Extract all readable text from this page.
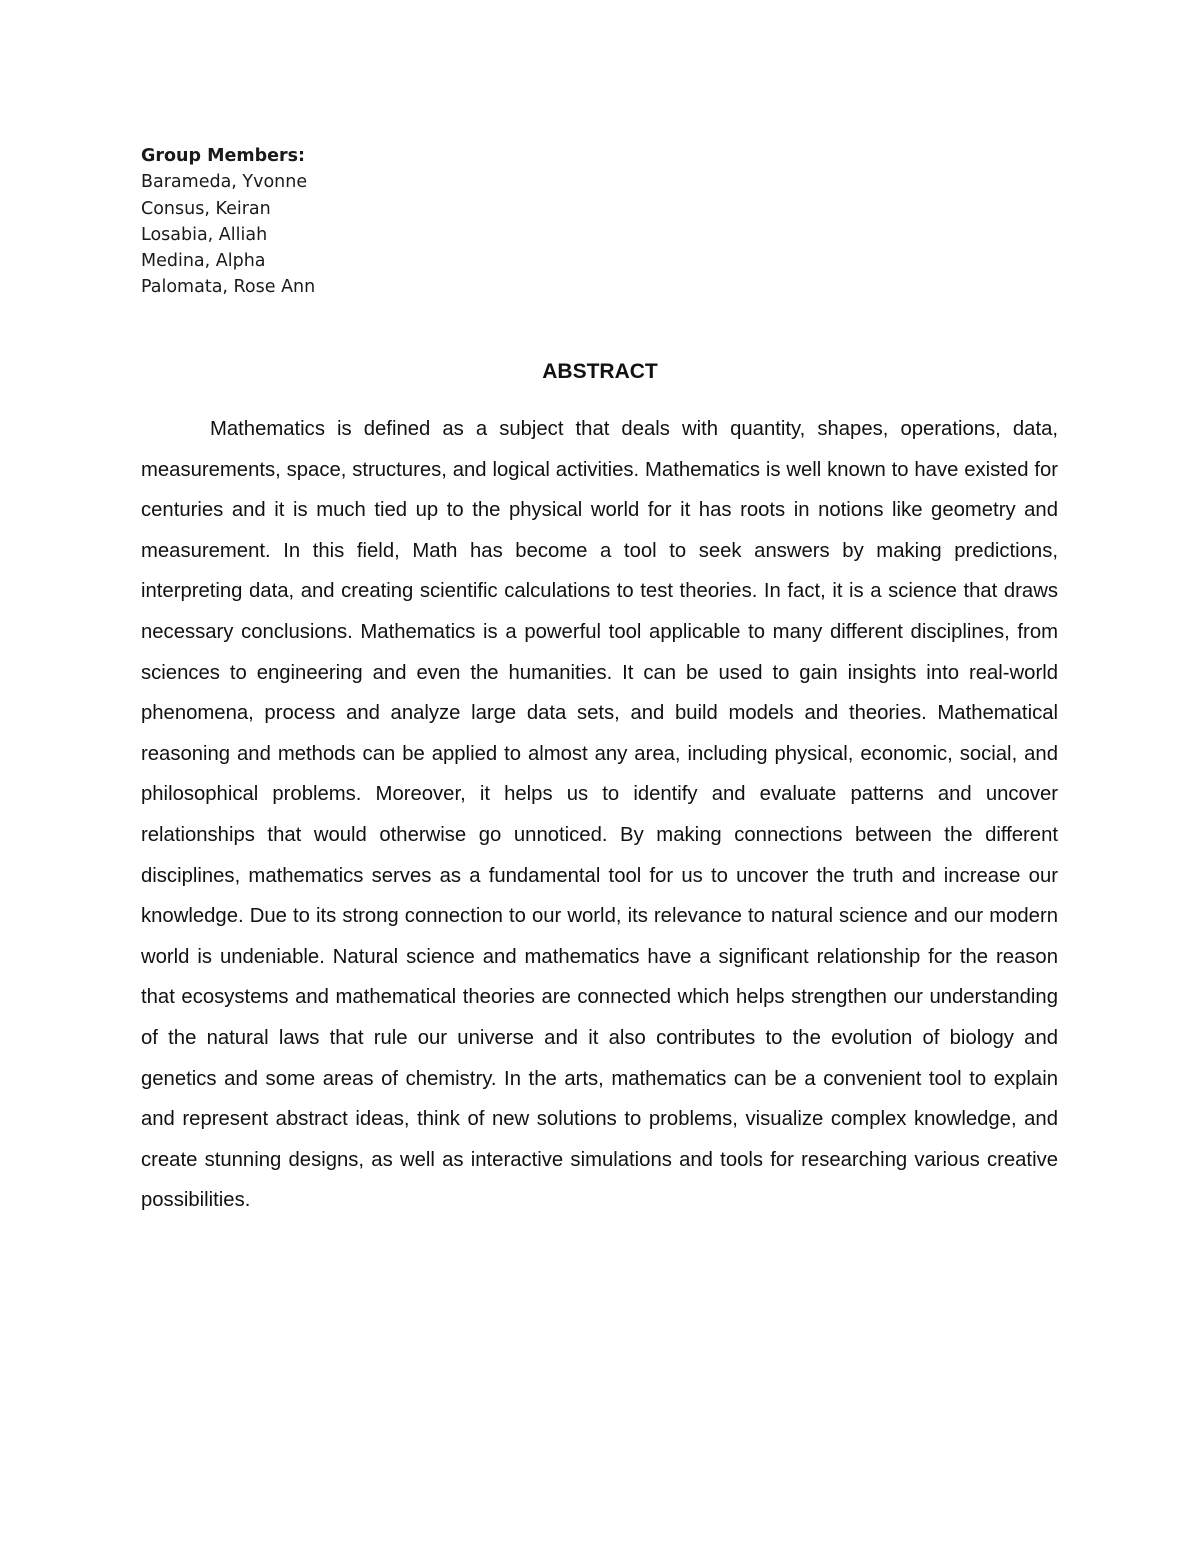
Group Members:
Barameda, Yvonne
Consus, Keiran
Losabia, Alliah
Medina, Alpha
Palomata, Rose Ann
ABSTRACT

Mathematics is defined as a subject that deals with quantity, shapes, operations, data, measurements, space, structures, and logical activities. Mathematics is well known to have existed for centuries and it is much tied up to the physical world for it has roots in notions like geometry and measurement. In this field, Math has become a tool to seek answers by making predictions, interpreting data, and creating scientific calculations to test theories. In fact, it is a science that draws necessary conclusions. Mathematics is a powerful tool applicable to many different disciplines, from sciences to engineering and even the humanities. It can be used to gain insights into real-world phenomena, process and analyze large data sets, and build models and theories. Mathematical reasoning and methods can be applied to almost any area, including physical, economic, social, and philosophical problems. Moreover, it helps us to identify and evaluate patterns and uncover relationships that would otherwise go unnoticed. By making connections between the different disciplines, mathematics serves as a fundamental tool for us to uncover the truth and increase our knowledge. Due to its strong connection to our world, its relevance to natural science and our modern world is undeniable. Natural science and mathematics have a significant relationship for the reason that ecosystems and mathematical theories are connected which helps strengthen our understanding of the natural laws that rule our universe and it also contributes to the evolution of biology and genetics and some areas of chemistry. In the arts, mathematics can be a convenient tool to explain and represent abstract ideas, think of new solutions to problems, visualize complex knowledge, and create stunning designs, as well as interactive simulations and tools for researching various creative possibilities.
